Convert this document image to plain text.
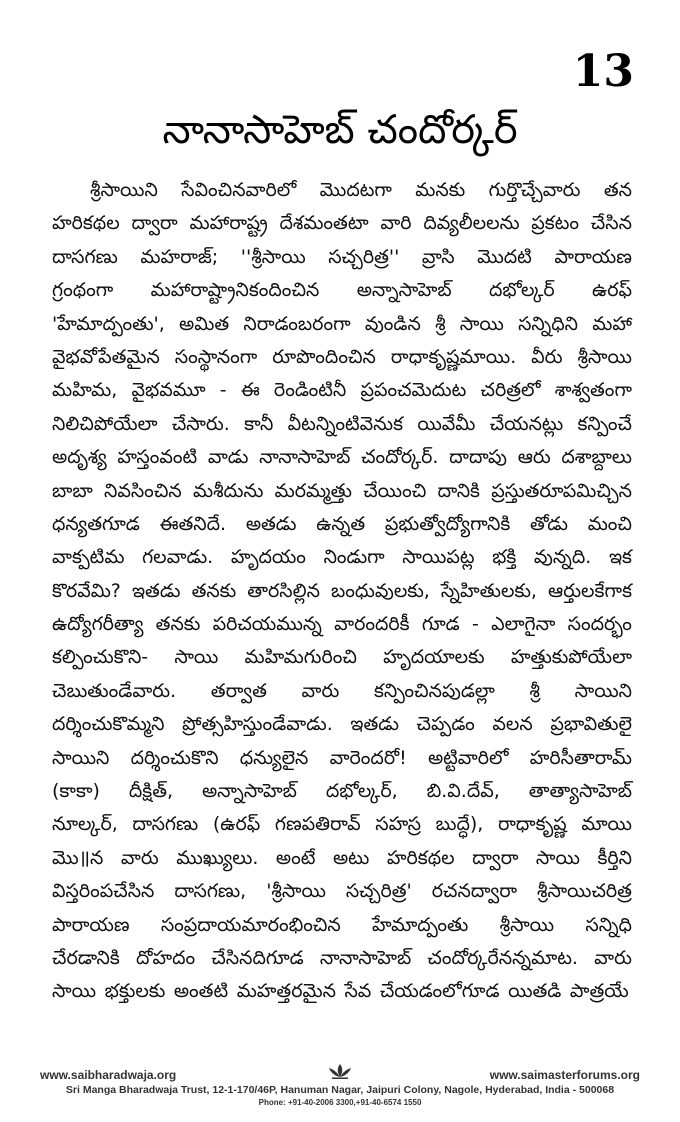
13
నానాసాహెబ్ చందోర్కర్
శ్రీసాయిని సేవించినవారిలో మొదటగా మనకు గుర్తొచ్చేవారు తన
హరికథల ద్వారా మహారాష్ట్ర దేశమంతటా వారి దివ్యలీలలను ప్రకటం చేసిన
దాసగణు మహరాజ్; ''శ్రీసాయి సచ్చరిత్ర'' వ్రాసి మొదటి పారాయణ
గ్రంథంగా మహారాష్ట్రానికందించిన అన్నాసాహెబ్ దభోల్కర్ ఉరఫ్
'హేమాద్పంతు', అమిత నిరాడంబరంగా వుండిన శ్రీ సాయి సన్నిధిని మహా
వైభవోపేతమైన సంస్థానంగా రూపొందించిన రాధాకృష్ణమాయి. వీరు శ్రీసాయి
మహిమ, వైభవమూ - ఈ రెండింటినీ ప్రపంచమెదుట చరిత్రలో శాశ్వతంగా
నిలిచిపోయేలా చేసారు. కానీ వీటన్నింటివెనుక యివేమీ చేయనట్లు కన్పించే
అదృశ్య హస్తంవంటి వాడు నానాసాహెబ్ చందోర్కర్. దాదాపు ఆరు దశాబ్దాలు
బాబా నివసించిన మశీదును మరమ్మత్తు చేయించి దానికి ప్రస్తుతరూపమిచ్చిన
ధన్యతగూడ ఈతనిదే. అతడు ఉన్నత ప్రభుత్వోద్యోగానికి తోడు మంచి
వాక్పటిమ గలవాడు. హృదయం నిండుగా సాయిపట్ల భక్తి వున్నది. ఇక
కొరవేమి? ఇతడు తనకు తారసిల్లిన బంధువులకు, స్నేహితులకు, ఆర్తులకేగాక
ఉద్యోగరీత్యా తనకు పరిచయమున్న వారందరికీ గూడ - ఎలాగైనా సందర్భం
కల్పించుకొని- సాయి మహిమగురించి హృదయాలకు హత్తుకుపోయేలా
చెబుతుండేవారు. తర్వాత వారు కన్పించినపుడల్లా శ్రీ సాయిని
దర్శించుకొమ్మని ప్రోత్సహిస్తుండేవాడు. ఇతడు చెప్పడం వలన ప్రభావితులై
సాయిని దర్శించుకొని ధన్యులైన వారెందరో! అట్టివారిలో హరిసీతారామ్
(కాకా) దీక్షిత్, అన్నాసాహెబ్ దభోల్కర్, బి.వి.దేవ్, తాత్యాసాహెబ్
నూల్కర్, దాసగణు (ఉరఫ్ గణపతిరావ్ సహస్ర బుద్ధే), రాధాకృష్ణ మాయి
మొ॥న వారు ముఖ్యులు. అంటే అటు హరికథల ద్వారా సాయి కీర్తిని
విస్తరింపచేసిన దాసగణు, 'శ్రీసాయి సచ్చరిత్ర' రచనద్వారా శ్రీసాయిచరిత్ర
పారాయణ సంప్రదాయమారంభించిన హేమాద్పంతు శ్రీసాయి సన్నిధి
చేరడానికి దోహదం చేసినదిగూడ నానాసాహెబ్ చందోర్కరేనన్నమాట. వారు
సాయి భక్తులకు అంతటి మహత్తరమైన సేవ చేయడంలోగూడ యితడి పాత్రయే
www.saibharadwaja.org	www.saimasterforums.org
Sri Manga Bharadwaja Trust, 12-1-170/46P, Hanuman Nagar, Jaipuri Colony, Nagole, Hyderabad, India - 500068
Phone: +91-40-2006 3300,+91-40-6574 1550
